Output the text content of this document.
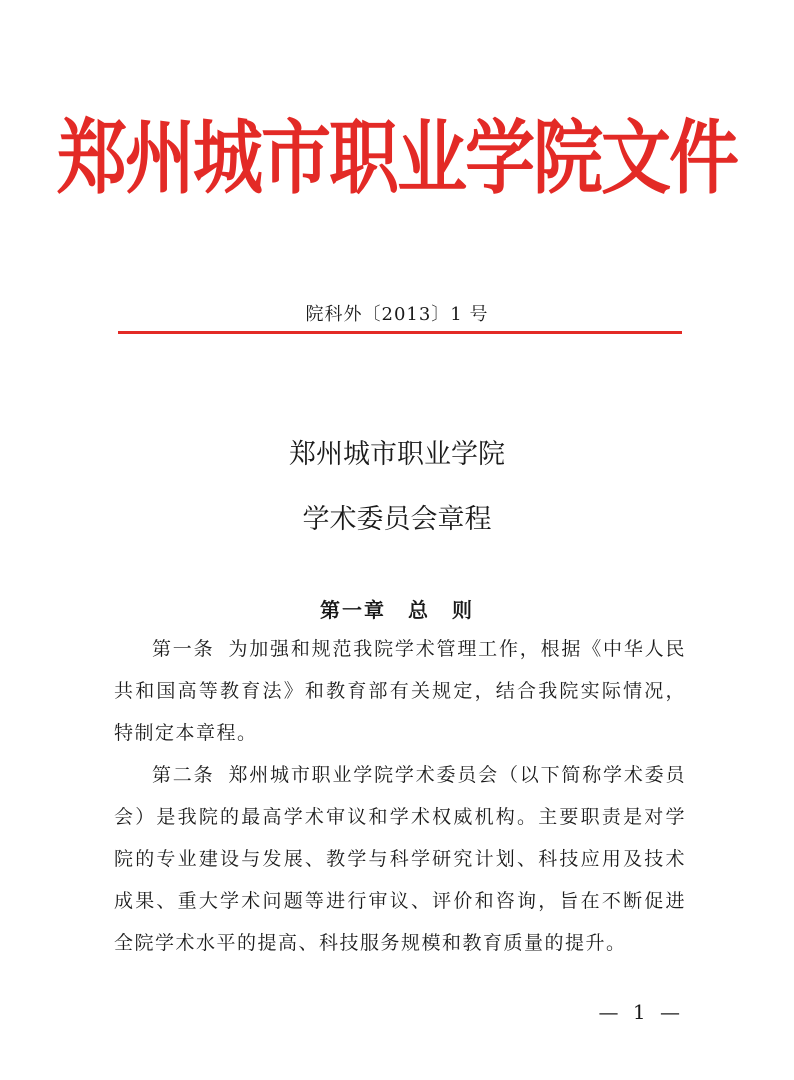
郑州城市职业学院文件
院科外〔2013〕1 号
郑州城市职业学院
学术委员会章程
第一章　总　则

第一条 为加强和规范我院学术管理工作，根据《中华人民共和国高等教育法》和教育部有关规定，结合我院实际情况，特制定本章程。

第二条 郑州城市职业学院学术委员会（以下简称学术委员会）是我院的最高学术审议和学术权威机构。主要职责是对学院的专业建设与发展、教学与科学研究计划、科技应用及技术成果、重大学术问题等进行审议、评价和咨询，旨在不断促进全院学术水平的提高、科技服务规模和教育质量的提升。

— 1 —
